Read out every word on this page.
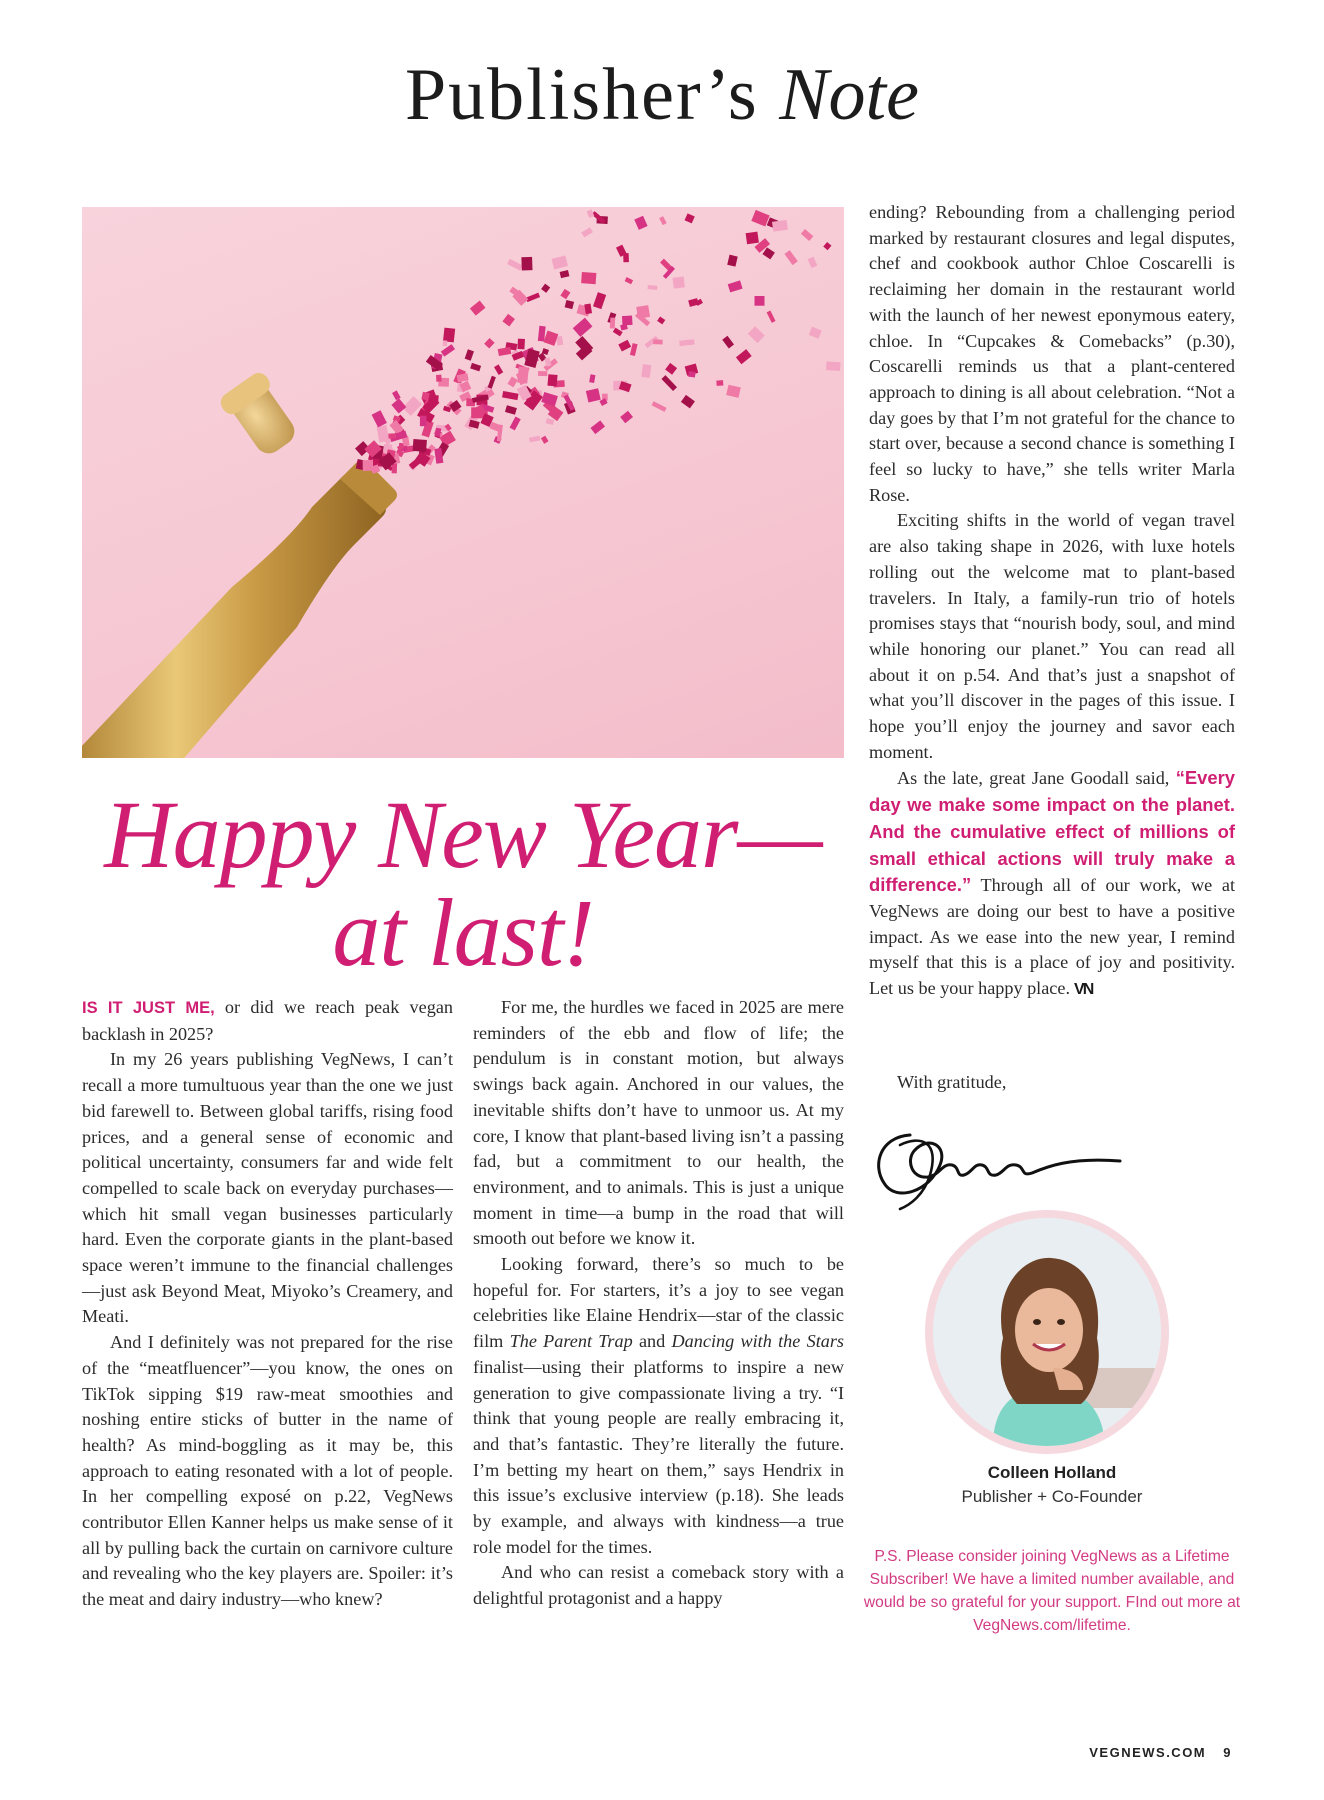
Publisher’s Note
Happy New Year—
at last!

IS IT JUST ME, or did we reach peak vegan backlash in 2025?

In my 26 years publishing VegNews, I can’t recall a more tumultuous year than the one we just bid farewell to. Between global tariffs, rising food prices, and a general sense of economic and political uncertainty, consumers far and wide felt compelled to scale back on everyday purchases—which hit small vegan businesses particularly hard. Even the corporate giants in the plant-based space weren’t immune to the financial challenges—just ask Beyond Meat, Miyoko’s Creamery, and Meati.

And I definitely was not prepared for the rise of the “meatfluencer”—you know, the ones on TikTok sipping $19 raw-meat smoothies and noshing entire sticks of butter in the name of health? As mind-boggling as it may be, this approach to eating resonated with a lot of people. In her compelling exposé on p.22, VegNews contributor Ellen Kanner helps us make sense of it all by pulling back the curtain on carnivore culture and revealing who the key players are. Spoiler: it’s the meat and dairy industry—who knew?

For me, the hurdles we faced in 2025 are mere reminders of the ebb and flow of life; the pendulum is in constant motion, but always swings back again. Anchored in our values, the inevitable shifts don’t have to unmoor us. At my core, I know that plant-based living isn’t a passing fad, but a commitment to our health, the environment, and to animals. This is just a unique moment in time—a bump in the road that will smooth out before we know it.

Looking forward, there’s so much to be hopeful for. For starters, it’s a joy to see vegan celebrities like Elaine Hendrix—star of the classic film The Parent Trap and Dancing with the Stars finalist—using their platforms to inspire a new generation to give compassionate living a try. “I think that young people are really embracing it, and that’s fantastic. They’re literally the future. I’m betting my heart on them,” says Hendrix in this issue’s exclusive interview (p.18). She leads by example, and always with kindness—a true role model for the times.

And who can resist a comeback story with a delightful protagonist and a happy

ending? Rebounding from a challenging period marked by restaurant closures and legal disputes, chef and cookbook author Chloe Coscarelli is reclaiming her domain in the restaurant world with the launch of her newest eponymous eatery, chloe. In “Cupcakes & Comebacks” (p.30), Coscarelli reminds us that a plant-centered approach to dining is all about celebration. “Not a day goes by that I’m not grateful for the chance to start over, because a second chance is something I feel so lucky to have,” she tells writer Marla Rose.

Exciting shifts in the world of vegan travel are also taking shape in 2026, with luxe hotels rolling out the welcome mat to plant-based travelers. In Italy, a family-run trio of hotels promises stays that “nourish body, soul, and mind while honoring our planet.” You can read all about it on p.54. And that’s just a snapshot of what you’ll discover in the pages of this issue. I hope you’ll enjoy the journey and savor each moment.

As the late, great Jane Goodall said, “Every day we make some impact on the planet. And the cumulative effect of millions of small ethical actions will truly make a difference.” Through all of our work, we at VegNews are doing our best to have a positive impact. As we ease into the new year, I remind myself that this is a place of joy and positivity. Let us be your happy place. VN

With gratitude,
Colleen Holland
Publisher + Co-Founder
P.S. Please consider joining VegNews as a Lifetime Subscriber! We have a limited number available, and would be so grateful for your support. FInd out more at VegNews.com/lifetime.
VEGNEWS.COM 9
